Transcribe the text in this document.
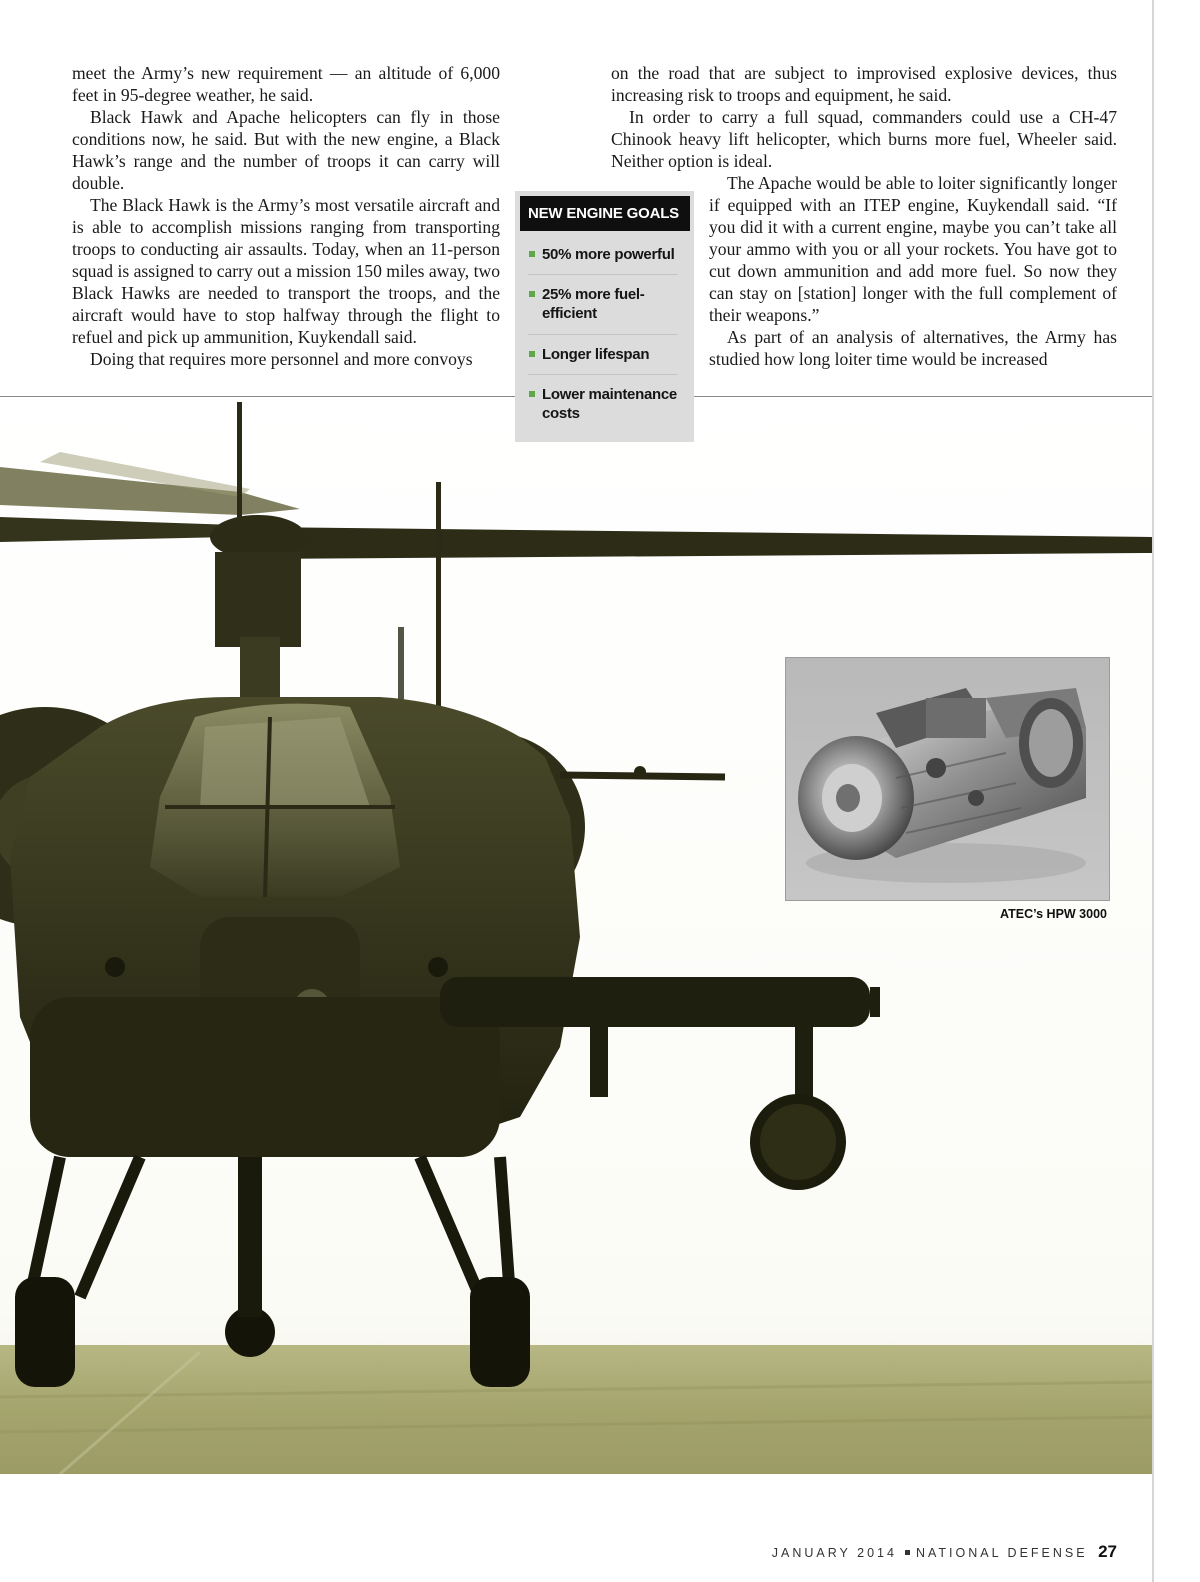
meet the Army’s new requirement — an altitude of 6,000 feet in 95-degree weather, he said.

Black Hawk and Apache helicopters can fly in those conditions now, he said. But with the new engine, a Black Hawk’s range and the number of troops it can carry will double.

The Black Hawk is the Army’s most versatile aircraft and is able to accomplish missions ranging from transporting troops to conducting air assaults. Today, when an 11-person squad is assigned to carry out a mission 150 miles away, two Black Hawks are needed to transport the troops, and the aircraft would have to stop halfway through the flight to refuel and pick up ammunition, Kuykendall said.

Doing that requires more personnel and more convoys

on the road that are subject to improvised explosive devices, thus increasing risk to troops and equipment, he said.

In order to carry a full squad, commanders could use a CH-47 Chinook heavy lift helicopter, which burns more fuel, Wheeler said. Neither option is ideal.

The Apache would be able to loiter significantly longer if equipped with an ITEP engine, Kuykendall said. “If you did it with a current engine, maybe you can’t take all your ammo with you or all your rockets. You have got to cut down ammunition and add more fuel. So now they can stay on [station] longer with the full complement of their weapons.”

As part of an analysis of alternatives, the Army has studied how long loiter time would be increased

NEW ENGINE GOALS
50% more powerful
25% more fuel-efficient
Longer lifespan
Lower maintenance costs
ATEC’s HPW 3000
JANUARY 2014 NATIONAL DEFENSE 27
